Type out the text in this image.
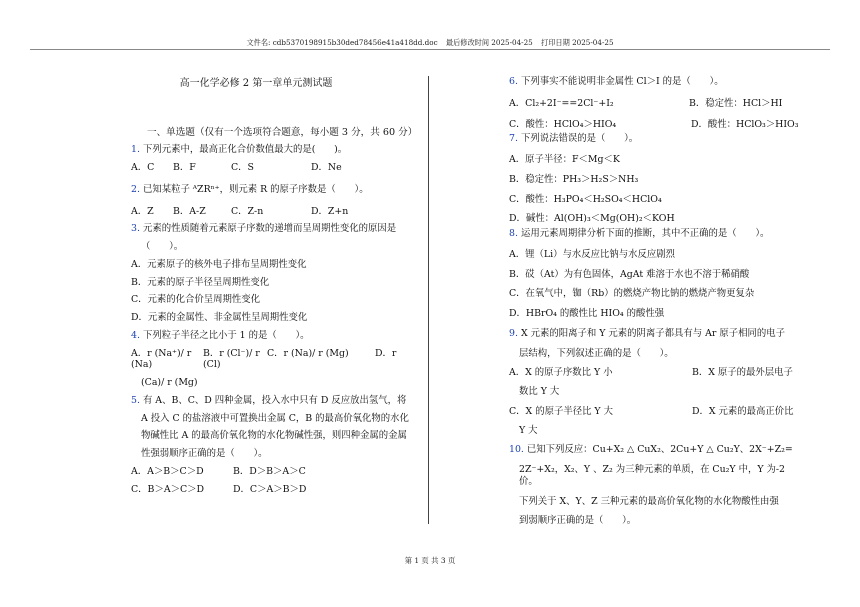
文件名: cdb5370198915b30ded78456e41a418dd.doc 最后修改时间 2025-04-25 打印日期 2025-04-25
高一化学必修 2 第一章单元测试题
一、单选题（仅有一个选项符合题意，每小题 3 分，共 60 分）
1. 下列元素中，最高正化合价数值最大的是(　　)。
A．C	B．F	C．S	D．Ne
2. 已知某粒子 ᴬZRⁿ⁺，则元素 R 的原子序数是（　　）。
A．Z	B．A-Z	C．Z-n	D．Z+n
3. 元素的性质随着元素原子序数的递增而呈周期性变化的原因是
（　　）。
A．元素原子的核外电子排布呈周期性变化
B．元素的原子半径呈周期性变化
C．元素的化合价呈周期性变化
D．元素的金属性、非金属性呈周期性变化
4. 下列粒子半径之比小于 1 的是（　　）。
A．r (Na⁺)/ r (Na)
B．r (Cl⁻)/ r (Cl)
C．r (Na)/ r (Mg)	D．r
(Ca)/ r (Mg)
5. 有 A、B、C、D 四种金属，投入水中只有 D 反应放出氢气，将
A 投入 C 的盐溶液中可置换出金属 C，B 的最高价氧化物的水化
物碱性比 A 的最高价氧化物的水化物碱性强，则四种金属的金属
性强弱顺序正确的是（　　）。
A．A＞B＞C＞D	B．D＞B＞A＞C
C．B＞A＞C＞D	D．C＞A＞B＞D
6. 下列事实不能说明非金属性 Cl＞I 的是（　　）。
A．Cl₂+2I⁻==2Cl⁻+I₂	B．稳定性：HCl＞HI
C．酸性：HClO₄＞HIO₄	D．酸性：HClO₃＞HIO₃
7. 下列说法错误的是（　　）。
A．原子半径：F＜Mg＜K
B．稳定性：PH₃＞H₂S＞NH₃
C．酸性：H₃PO₄＜H₂SO₄＜HClO₄
D．碱性：Al(OH)₃＜Mg(OH)₂＜KOH
8. 运用元素周期律分析下面的推断，其中不正确的是（　　）。
A．锂（Li）与水反应比钠与水反应剧烈
B．砹（At）为有色固体，AgAt 难溶于水也不溶于稀硝酸
C．在氧气中，铷（Rb）的燃烧产物比钠的燃烧产物更复杂
D．HBrO₄ 的酸性比 HIO₄ 的酸性强
9. X 元素的阳离子和 Y 元素的阴离子都具有与 Ar 原子相同的电子
层结构，下列叙述正确的是（　　）。
A．X 的原子序数比 Y 小	B．X 原子的最外层电子
数比 Y 大
C．X 的原子半径比 Y 大	D．X 元素的最高正价比
Y 大
10. 已知下列反应：Cu+X₂ △ CuX₂、2Cu+Y △ Cu₂Y、2X⁻+Z₂=
2Z⁻+X₂，X₂、Y 、Z₂ 为三种元素的单质，在 Cu₂Y 中，Y 为-2 价。
下列关于 X、Y、Z 三种元素的最高价氧化物的水化物酸性由强
到弱顺序正确的是（　　）。
第 1 页 共 3 页
